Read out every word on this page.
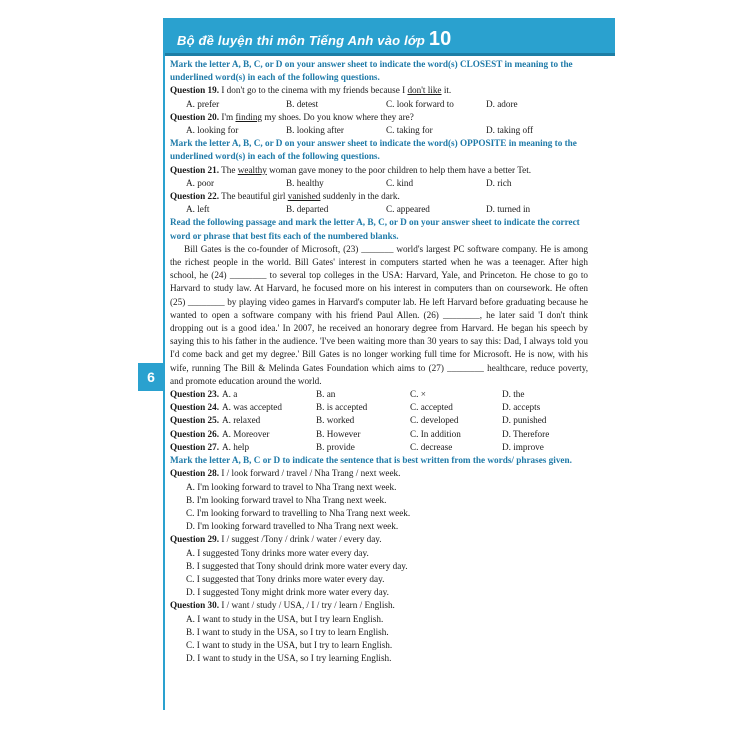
Bộ đề luyện thi môn Tiếng Anh vào lớp 10
6
Mark the letter A, B, C, or D on your answer sheet to indicate the word(s) CLOSEST in meaning to the underlined word(s) in each of the following questions.
Question 19. I don't go to the cinema with my friends because I don't like it.
A. prefer	B. detest	C. look forward to	D. adore
Question 20. I'm finding my shoes. Do you know where they are?
A. looking for	B. looking after	C. taking for	D. taking off
Mark the letter A, B, C, or D on your answer sheet to indicate the word(s) OPPOSITE in meaning to the underlined word(s) in each of the following questions.
Question 21. The wealthy woman gave money to the poor children to help them have a better Tet.
A. poor	B. healthy	C. kind	D. rich
Question 22. The beautiful girl vanished suddenly in the dark.
A. left	B. departed	C. appeared	D. turned in
Read the following passage and mark the letter A, B, C, or D on your answer sheet to indicate the correct word or phrase that best fits each of the numbered blanks.

Bill Gates is the co-founder of Microsoft, (23) _______ world's largest PC software company. He is among the richest people in the world. Bill Gates' interest in computers started when he was a teenager. After high school, he (24) ________ to several top colleges in the USA: Harvard, Yale, and Princeton. He chose to go to Harvard to study law. At Harvard, he focused more on his interest in computers than on coursework. He often (25) ________ by playing video games in Harvard's computer lab. He left Harvard before graduating because he wanted to open a software company with his friend Paul Allen. (26) ________, he later said 'I don't think dropping out is a good idea.' In 2007, he received an honorary degree from Harvard. He began his speech by saying this to his father in the audience. 'I've been waiting more than 30 years to say this: Dad, I always told you I'd come back and get my degree.' Bill Gates is no longer working full time for Microsoft. He is now, with his wife, running The Bill & Melinda Gates Foundation which aims to (27) ________ healthcare, reduce poverty, and promote education around the world.

Question 23.	A. a	B. an	C. ×	D. the
Question 24.	A. was accepted	B. is accepted	C. accepted	D. accepts
Question 25.	A. relaxed	B. worked	C. developed	D. punished
Question 26.	A. Moreover	B. However	C. In addition	D. Therefore
Question 27.	A. help	B. provide	C. decrease	D. improve
Mark the letter A, B, C or D to indicate the sentence that is best written from the words/ phrases given.
Question 28. I / look forward / travel / Nha Trang / next week.
A. I'm looking forward to travel to Nha Trang next week.
B. I'm looking forward travel to Nha Trang next week.
C. I'm looking forward to travelling to Nha Trang next week.
D. I'm looking forward travelled to Nha Trang next week.
Question 29. I / suggest /Tony / drink / water / every day.
A. I suggested Tony drinks more water every day.
B. I suggested that Tony should drink more water every day.
C. I suggested that Tony drinks more water every day.
D. I suggested Tony might drink more water every day.
Question 30. I / want / study / USA, / I / try / learn / English.
A. I want to study in the USA, but I try learn English.
B. I want to study in the USA, so I try to learn English.
C. I want to study in the USA, but I try to learn English.
D. I want to study in the USA, so I try learning English.
